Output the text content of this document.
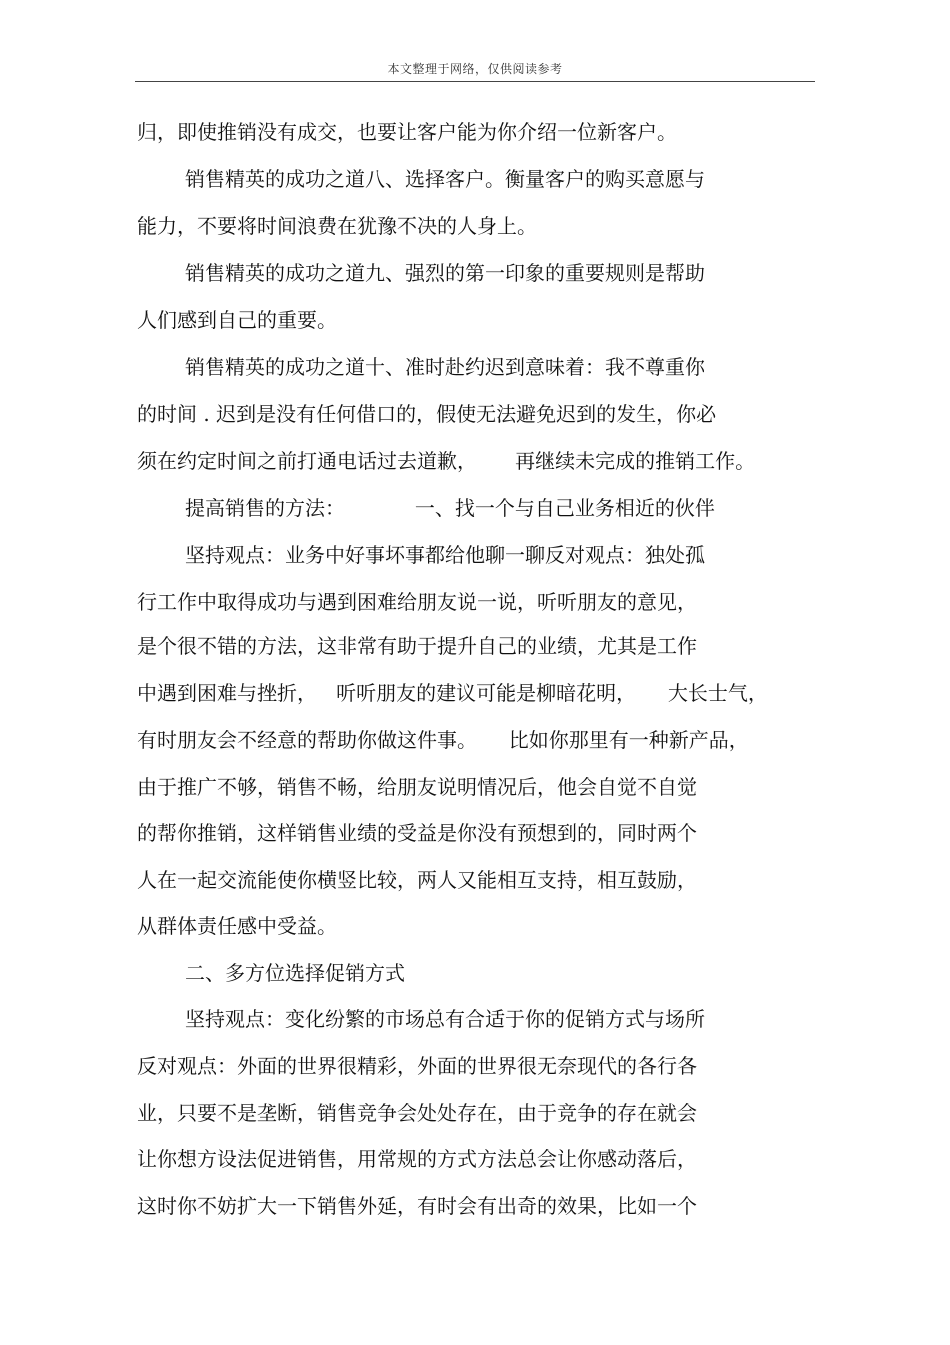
本文整理于网络，仅供阅读参考
归，即使推销没有成交，也要让客户能为你介绍一位新客户。
销售精英的成功之道八、选择客户。衡量客户的购买意愿与
能力，不要将时间浪费在犹豫不决的人身上。
销售精英的成功之道九、强烈的第一印象的重要规则是帮助
人们感到自己的重要。
销售精英的成功之道十、准时赴约迟到意味着：我不尊重你
的时间 . 迟到是没有任何借口的，假使无法避免迟到的发生，你必
须在约定时间之前打通电话过去道歉，      再继续未完成的推销工作。
提高销售的方法：           一、找一个与自己业务相近的伙伴
坚持观点：业务中好事坏事都给他聊一聊反对观点：独处孤
行工作中取得成功与遇到困难给朋友说一说，听听朋友的意见，
是个很不错的方法，这非常有助于提升自己的业绩，尤其是工作
中遇到困难与挫折，   听听朋友的建议可能是柳暗花明，     大长士气，
有时朋友会不经意的帮助你做这件事。     比如你那里有一种新产品，
由于推广不够，销售不畅，给朋友说明情况后，他会自觉不自觉
的帮你推销，这样销售业绩的受益是你没有预想到的，同时两个
人在一起交流能使你横竖比较，两人又能相互支持，相互鼓励，
从群体责任感中受益。
二、多方位选择促销方式
坚持观点：变化纷繁的市场总有合适于你的促销方式与场所
反对观点：外面的世界很精彩，外面的世界很无奈现代的各行各
业，只要不是垄断，销售竞争会处处存在，由于竞争的存在就会
让你想方设法促进销售，用常规的方式方法总会让你感动落后，
这时你不妨扩大一下销售外延，有时会有出奇的效果，比如一个
